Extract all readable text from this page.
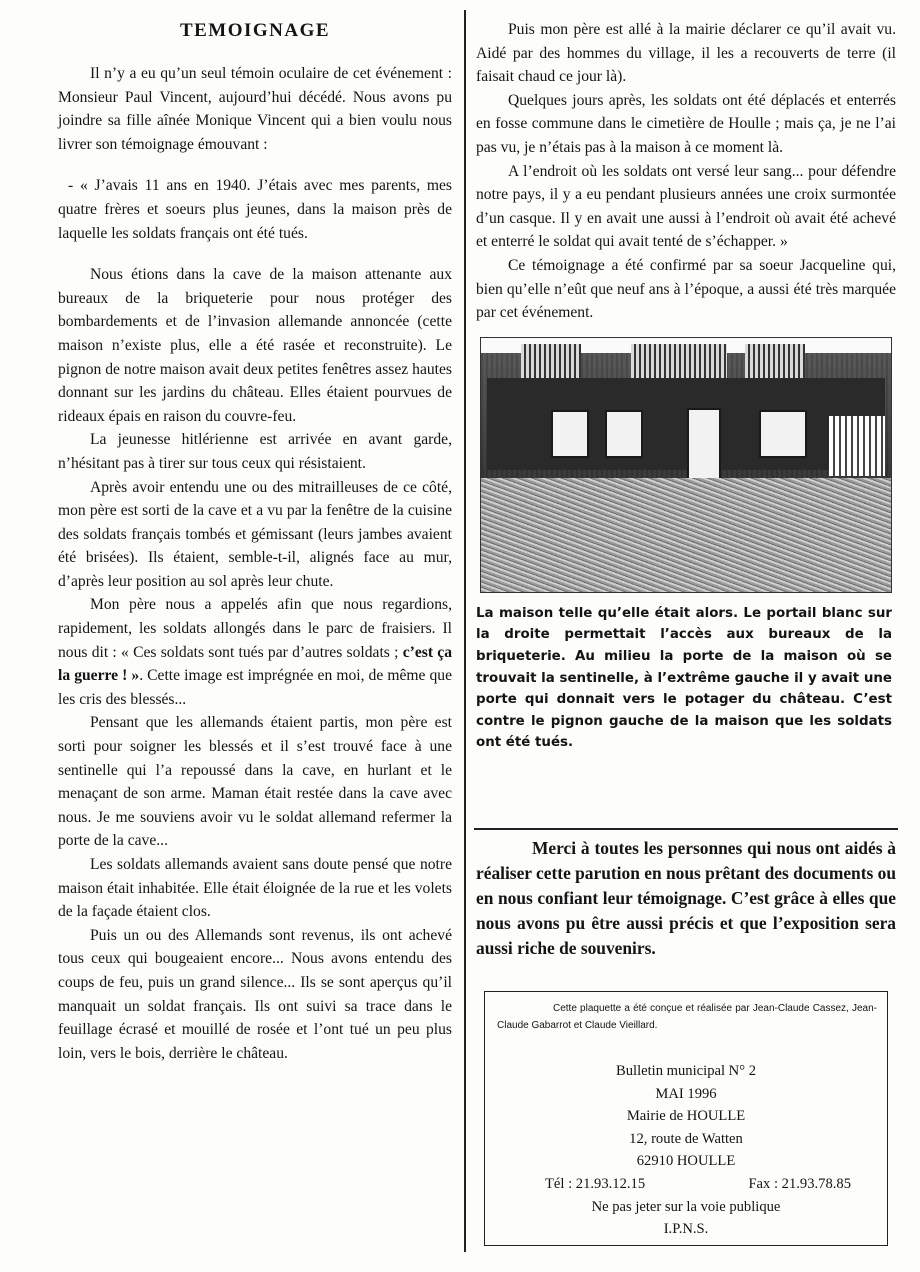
TEMOIGNAGE

Il n’y a eu qu’un seul témoin oculaire de cet événement : Monsieur Paul Vincent, aujourd’hui décédé. Nous avons pu joindre sa fille aînée Monique Vincent qui a bien voulu nous livrer son témoignage émouvant :

- « J’avais 11 ans en 1940. J’étais avec mes parents, mes quatre frères et soeurs plus jeunes, dans la maison près de laquelle les soldats français ont été tués.

Nous étions dans la cave de la maison attenante aux bureaux de la briqueterie pour nous protéger des bombardements et de l’invasion allemande annoncée (cette maison n’existe plus, elle a été rasée et reconstruite). Le pignon de notre maison avait deux petites fenêtres assez hautes donnant sur les jardins du château. Elles étaient pourvues de rideaux épais en raison du couvre-feu.

La jeunesse hitlérienne est arrivée en avant garde, n’hésitant pas à tirer sur tous ceux qui résistaient.

Après avoir entendu une ou des mitrailleuses de ce côté, mon père est sorti de la cave et a vu par la fenêtre de la cuisine des soldats français tombés et gémissant (leurs jambes avaient été brisées). Ils étaient, semble-t-il, alignés face au mur, d’après leur position au sol après leur chute.

Mon père nous a appelés afin que nous regardions, rapidement, les soldats allongés dans le parc de fraisiers. Il nous dit : « Ces soldats sont tués par d’autres soldats ; c’est ça la guerre ! ». Cette image est imprégnée en moi, de même que les cris des blessés...

Pensant que les allemands étaient partis, mon père est sorti pour soigner les blessés et il s’est trouvé face à une sentinelle qui l’a repoussé dans la cave, en hurlant et le menaçant de son arme. Maman était restée dans la cave avec nous. Je me souviens avoir vu le soldat allemand refermer la porte de la cave...

Les soldats allemands avaient sans doute pensé que notre maison était inhabitée. Elle était éloignée de la rue et les volets de la façade étaient clos.

Puis un ou des Allemands sont revenus, ils ont achevé tous ceux qui bougeaient encore... Nous avons entendu des coups de feu, puis un grand silence... Ils se sont aperçus qu’il manquait un soldat français. Ils ont suivi sa trace dans le feuillage écrasé et mouillé de rosée et l’ont tué un peu plus loin, vers le bois, derrière le château.

Puis mon père est allé à la mairie déclarer ce qu’il avait vu. Aidé par des hommes du village, il les a recouverts de terre (il faisait chaud ce jour là).

Quelques jours après, les soldats ont été déplacés et enterrés en fosse commune dans le cimetière de Houlle ; mais ça, je ne l’ai pas vu, je n’étais pas à la maison à ce moment là.

A l’endroit où les soldats ont versé leur sang... pour défendre notre pays, il y a eu pendant plusieurs années une croix surmontée d’un casque. Il y en avait une aussi à l’endroit où avait été achevé et enterré le soldat qui avait tenté de s’échapper. »

Ce témoignage a été confirmé par sa soeur Jacqueline qui, bien qu’elle n’eût que neuf ans à l’époque, a aussi été très marquée par cet événement.

La maison telle qu’elle était alors. Le portail blanc sur la droite permettait l’accès aux bureaux de la briqueterie. Au milieu la porte de la maison où se trouvait la sentinelle, à l’extrême gauche il y avait une porte qui donnait vers le potager du château. C’est contre le pignon gauche de la maison que les soldats ont été tués.
Merci à toutes les personnes qui nous ont aidés à réaliser cette parution en nous prêtant des documents ou en nous confiant leur témoignage. C’est grâce à elles que nous avons pu être aussi précis et que l’exposition sera aussi riche de souvenirs.
Cette plaquette a été conçue et réalisée par Jean-Claude Cassez, Jean-Claude Gabarrot et Claude Vieillard.
Bulletin municipal N° 2
MAI 1996
Mairie de HOULLE
12, route de Watten
62910 HOULLE
Tél : 21.93.12.15	Fax : 21.93.78.85
Ne pas jeter sur la voie publique
I.P.N.S.
